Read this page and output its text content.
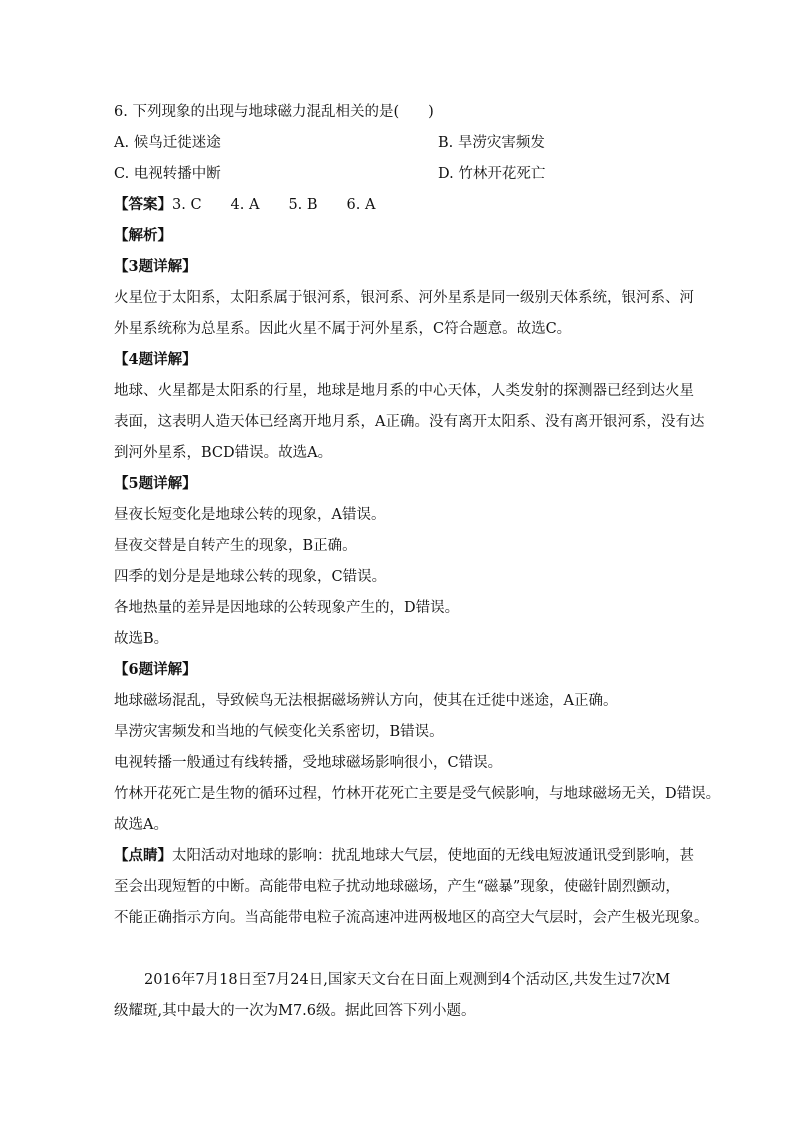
6. 下列现象的出现与地球磁力混乱相关的是(　　)
A. 候鸟迁徙迷途	B. 旱涝灾害频发
C. 电视转播中断	D. 竹林开花死亡
【答案】3. C　　4. A　　5. B　　6. A
【解析】
【3题详解】
火星位于太阳系，太阳系属于银河系，银河系、河外星系是同一级别天体系统，银河系、河
外星系统称为总星系。因此火星不属于河外星系，C符合题意。故选C。
【4题详解】
地球、火星都是太阳系的行星，地球是地月系的中心天体，人类发射的探测器已经到达火星
表面，这表明人造天体已经离开地月系，A正确。没有离开太阳系、没有离开银河系，没有达
到河外星系，BCD错误。故选A。
【5题详解】
昼夜长短变化是地球公转的现象，A错误。
昼夜交替是自转产生的现象，B正确。
四季的划分是是地球公转的现象，C错误。
各地热量的差异是因地球的公转现象产生的，D错误。
故选B。
【6题详解】
地球磁场混乱，导致候鸟无法根据磁场辨认方向，使其在迁徙中迷途，A正确。
旱涝灾害频发和当地的气候变化关系密切，B错误。
电视转播一般通过有线转播，受地球磁场影响很小，C错误。
竹林开花死亡是生物的循环过程，竹林开花死亡主要是受气候影响，与地球磁场无关，D错误。
故选A。
【点睛】太阳活动对地球的影响：扰乱地球大气层，使地面的无线电短波通讯受到影响，甚
至会出现短暂的中断。高能带电粒子扰动地球磁场，产生“磁暴”现象，使磁针剧烈颤动，
不能正确指示方向。当高能带电粒子流高速冲进两极地区的高空大气层时，会产生极光现象。
2016年7月18日至7月24日,国家天文台在日面上观测到4个活动区,共发生过7次M
级耀斑,其中最大的一次为M7.6级。据此回答下列小题。
